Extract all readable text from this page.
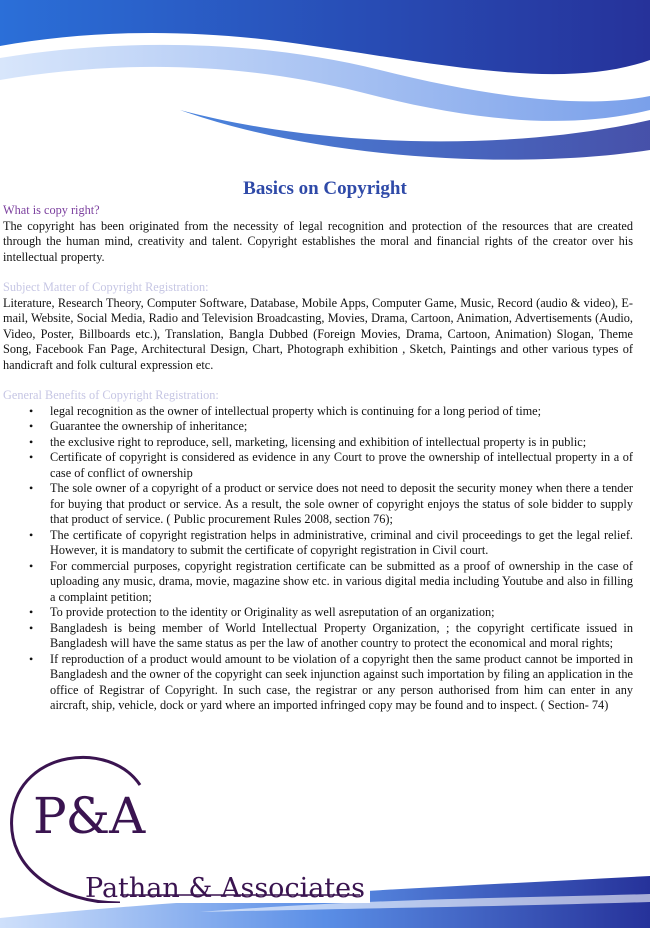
Basics on Copyright
What is copy right?

The copyright has been originated from the necessity of legal recognition and protection of the resources that are created through the human mind, creativity and talent. Copyright establishes the moral and financial rights of the creator over his intellectual property.

Subject Matter of Copyright Registration:

Literature, Research Theory, Computer Software, Database, Mobile Apps, Computer Game, Music, Record (audio & video), E-mail, Website, Social Media, Radio and Television Broadcasting, Movies, Drama, Cartoon, Animation, Advertisements (Audio, Video, Poster, Billboards etc.), Translation, Bangla Dubbed (Foreign Movies, Drama, Cartoon, Animation) Slogan, Theme Song, Facebook Fan Page, Architectural Design, Chart, Photograph exhibition , Sketch, Paintings and other various types of handicraft and folk cultural expression etc.

General Benefits of Copyright Registration:
• legal recognition as the owner of intellectual property which is continuing for a long period of time;
• Guarantee the ownership of inheritance;
• the exclusive right to reproduce, sell, marketing, licensing and exhibition of intellectual property is in public;
• Certificate of copyright is considered as evidence in any Court to prove the ownership of intellectual property in a of case of conflict of ownership
• The sole owner of a copyright of a product or service does not need to deposit the security money when there a tender for buying that product or service. As a result, the sole owner of copyright enjoys the status of sole bidder to supply that product of service. ( Public procurement Rules 2008, section 76);
• The certificate of copyright registration helps in administrative, criminal and civil proceedings to get the legal relief. However, it is mandatory to submit the certificate of copyright registration in Civil court.
• For commercial purposes, copyright registration certificate can be submitted as a proof of ownership in the case of uploading any music, drama, movie, magazine show etc. in various digital media including Youtube and also in filling a complaint petition;
• To provide protection to the identity or Originality as well asreputation of an organization;
• Bangladesh is being member of World Intellectual Property Organization, ; the copyright certificate issued in Bangladesh will have the same status as per the law of another country to protect the economical and moral rights;
• If reproduction of a product would amount to be violation of a copyright then the same product cannot be imported in Bangladesh and the owner of the copyright can seek injunction against such importation by filing an application in the office of Registrar of Copyright. In such case, the registrar or any person authorised from him can enter in any aircraft, ship, vehicle, dock or yard where an imported infringed copy may be found and to inspect. ( Section- 74)
P&A
Pathan & Associates
